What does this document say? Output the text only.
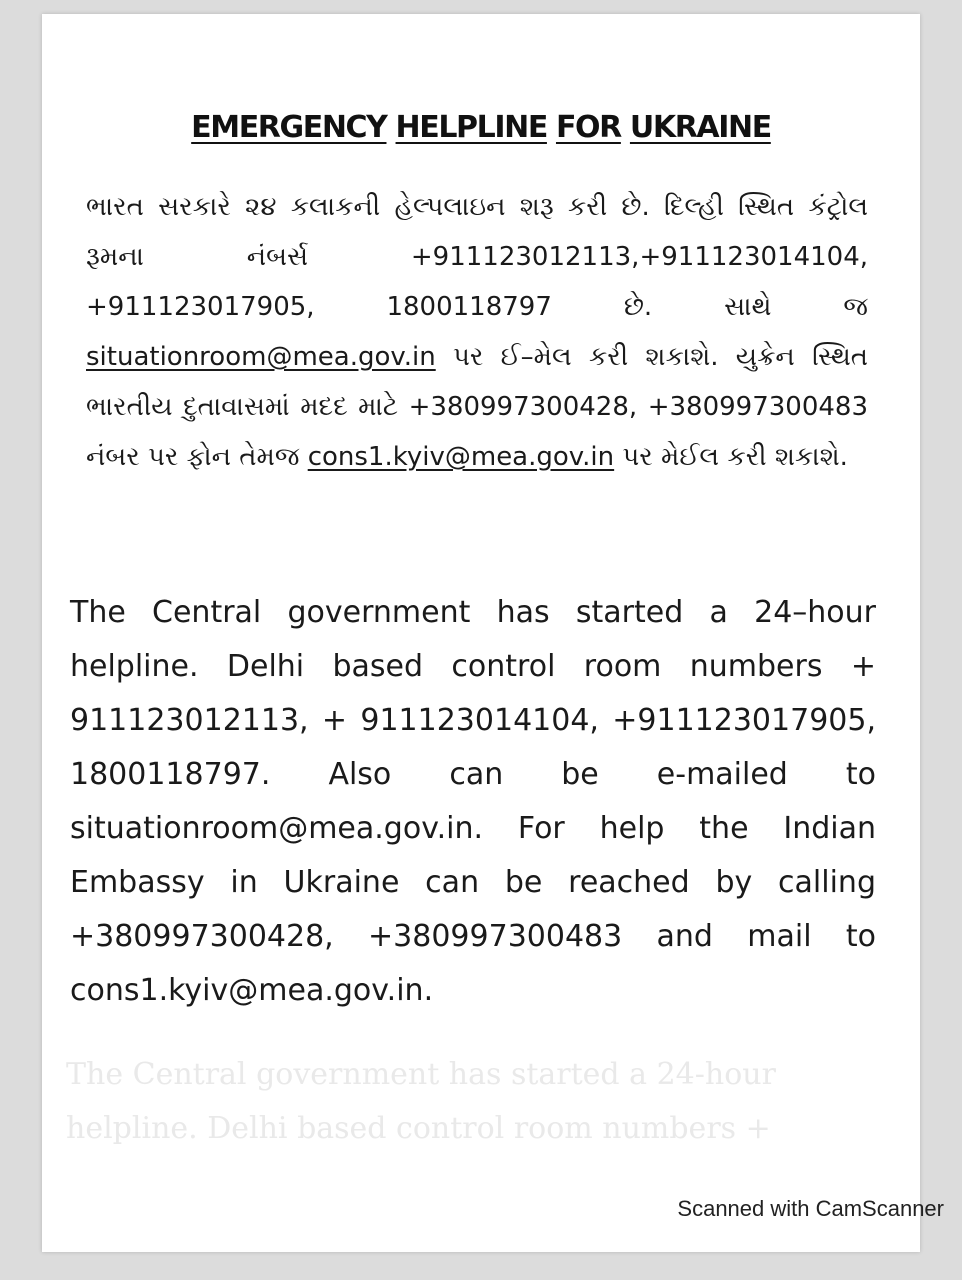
EMERGENCY HELPLINE FOR UKRAINE
ભારત સરકારે ૨૪ કલાકની હેલ્પલાઇન શરૂ કરી છે. દિલ્હી સ્થિત કંટ્રોલ રૂમના નંબર્સ +911123012113,+911123014104, +911123017905, 1800118797 છે. સાથે જ situationroom@mea.gov.in પર ઈ–મેલ કરી શકાશે. યુક્રેન સ્થિત ભારતીય દુતાવાસમાં મદદ માટે +380997300428, +380997300483 નંબર પર ફોન તેમજ cons1.kyiv@mea.gov.in પર મેઈલ કરી શકાશે.
The Central government has started a 24–hour helpline. Delhi based control room numbers + 911123012113, + 911123014104, +911123017905, 1800118797. Also can be e-mailed to situationroom@mea.gov.in. For help the Indian Embassy in Ukraine can be reached by calling +380997300428, +380997300483 and mail to cons1.kyiv@mea.gov.in.
The Central government has started a 24-hour
helpline. Delhi based control room numbers +
Scanned with CamScanner
